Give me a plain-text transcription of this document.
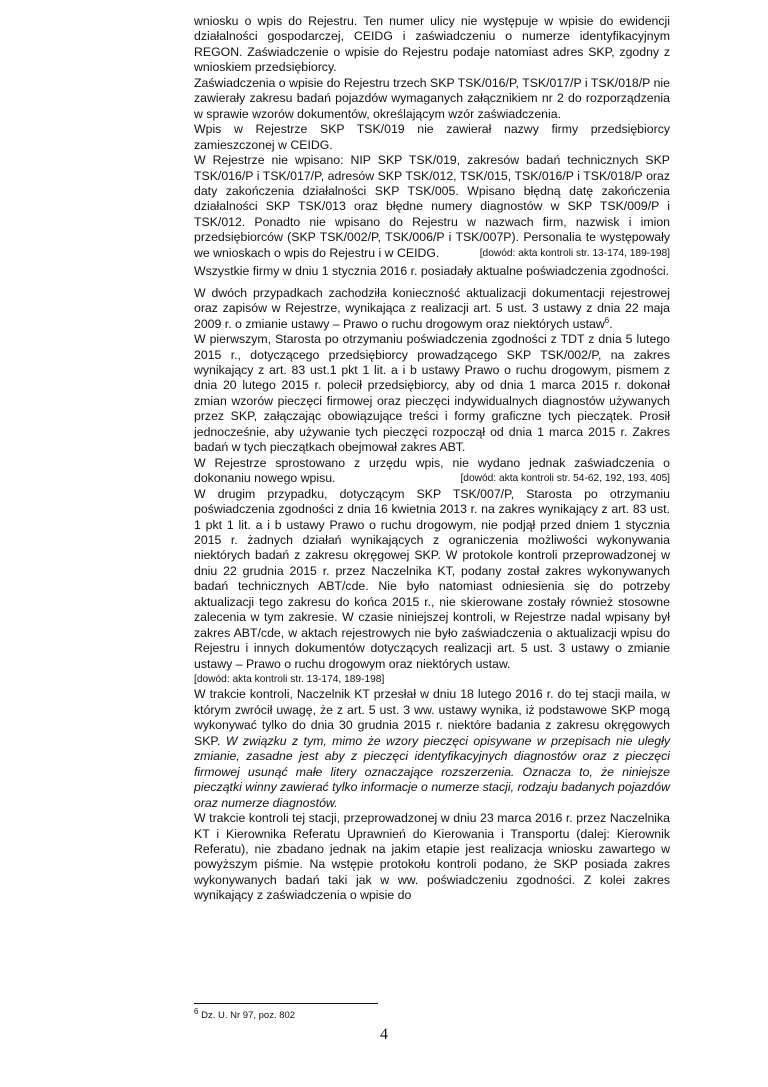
wniosku o wpis do Rejestru. Ten numer ulicy nie występuje w wpisie do ewidencji działalności gospodarczej, CEIDG i zaświadczeniu o numerze identyfikacyjnym REGON. Zaświadczenie o wpisie do Rejestru podaje natomiast adres SKP, zgodny z wnioskiem przedsiębiorcy.

Zaświadczenia o wpisie do Rejestru trzech SKP TSK/016/P, TSK/017/P i TSK/018/P nie zawierały zakresu badań pojazdów wymaganych załącznikiem nr 2 do rozporządzenia w sprawie wzorów dokumentów, określającym wzór zaświadczenia.

Wpis w Rejestrze SKP TSK/019 nie zawierał nazwy firmy przedsiębiorcy zamieszczonej w CEIDG.

W Rejestrze nie wpisano: NIP SKP TSK/019, zakresów badań technicznych SKP TSK/016/P i TSK/017/P, adresów SKP TSK/012, TSK/015, TSK/016/P i TSK/018/P oraz daty zakończenia działalności SKP TSK/005. Wpisano błędną datę zakończenia działalności SKP TSK/013 oraz błędne numery diagnostów w SKP TSK/009/P i TSK/012. Ponadto nie wpisano do Rejestru w nazwach firm, nazwisk i imion przedsiębiorców (SKP TSK/002/P, TSK/006/P i TSK/007P). Personalia te występowały we wnioskach o wpis do Rejestru i w CEIDG.	[dowód: akta kontroli str. 13-174, 189-198]

Wszystkie firmy w dniu 1 stycznia 2016 r. posiadały aktualne poświadczenia zgodności.

W dwóch przypadkach zachodziła konieczność aktualizacji dokumentacji rejestrowej oraz zapisów w Rejestrze, wynikająca z realizacji art. 5 ust. 3 ustawy z dnia 22 maja 2009 r. o zmianie ustawy – Prawo o ruchu drogowym oraz niektórych ustaw$^6$.

W pierwszym, Starosta po otrzymaniu poświadczenia zgodności z TDT z dnia 5 lutego 2015 r., dotyczącego przedsiębiorcy prowadzącego SKP TSK/002/P, na zakres wynikający z art. 83 ust.1 pkt 1 lit. a i b ustawy Prawo o ruchu drogowym, pismem z dnia 20 lutego 2015 r. polecił przedsiębiorcy, aby od dnia 1 marca 2015 r. dokonał zmian wzorów pieczęci firmowej oraz pieczęci indywidualnych diagnostów używanych przez SKP, załączając obowiązujące treści i formy graficzne tych pieczątek. Prosił jednocześnie, aby używanie tych pieczęci rozpoczął od dnia 1 marca 2015 r. Zakres badań w tych pieczątkach obejmował zakres ABT.

W Rejestrze sprostowano z urzędu wpis, nie wydano jednak zaświadczenia o dokonaniu nowego wpisu.	[dowód: akta kontroli str. 54-62, 192, 193, 405]

W drugim przypadku, dotyczącym SKP TSK/007/P, Starosta po otrzymaniu poświadczenia zgodności z dnia 16 kwietnia 2013 r. na zakres wynikający z art. 83 ust. 1 pkt 1 lit. a i b ustawy Prawo o ruchu drogowym, nie podjął przed dniem 1 stycznia 2015 r. żadnych działań wynikających z ograniczenia możliwości wykonywania niektórych badań z zakresu okręgowej SKP. W protokole kontroli przeprowadzonej w dniu 22 grudnia 2015 r. przez Naczelnika KT, podany został zakres wykonywanych badań technicznych ABT/cde. Nie było natomiast odniesienia się do potrzeby aktualizacji tego zakresu do końca 2015 r., nie skierowane zostały również stosowne zalecenia w tym zakresie. W czasie niniejszej kontroli, w Rejestrze nadal wpisany był zakres ABT/cde, w aktach rejestrowych nie było zaświadczenia o aktualizacji wpisu do Rejestru i innych dokumentów dotyczących realizacji art. 5 ust. 3 ustawy o zmianie ustawy – Prawo o ruchu drogowym oraz niektórych ustaw.

[dowód: akta kontroli str. 13-174, 189-198]

W trakcie kontroli, Naczelnik KT przesłał w dniu 18 lutego 2016 r. do tej stacji maila, w którym zwrócił uwagę, że z art. 5 ust. 3 ww. ustawy wynika, iż podstawowe SKP mogą wykonywać tylko do dnia 30 grudnia 2015 r. niektóre badania z zakresu okręgowych SKP. W związku z tym, mimo że wzory pieczęci opisywane w przepisach nie uległy zmianie, zasadne jest aby z pieczęci identyfikacyjnych diagnostów oraz z pieczęci firmowej usunąć małe litery oznaczające rozszerzenia. Oznacza to, że niniejsze pieczątki winny zawierać tylko informacje o numerze stacji, rodzaju badanych pojazdów oraz numerze diagnostów.

W trakcie kontroli tej stacji, przeprowadzonej w dniu 23 marca 2016 r. przez Naczelnika KT i Kierownika Referatu Uprawnień do Kierowania i Transportu (dalej: Kierownik Referatu), nie zbadano jednak na jakim etapie jest realizacja wniosku zawartego w powyższym piśmie. Na wstępie protokołu kontroli podano, że SKP posiada zakres wykonywanych badań taki jak w ww. poświadczeniu zgodności. Z kolei zakres wynikający z zaświadczenia o wpisie do

$^6$ Dz. U. Nr 97, poz. 802
4
